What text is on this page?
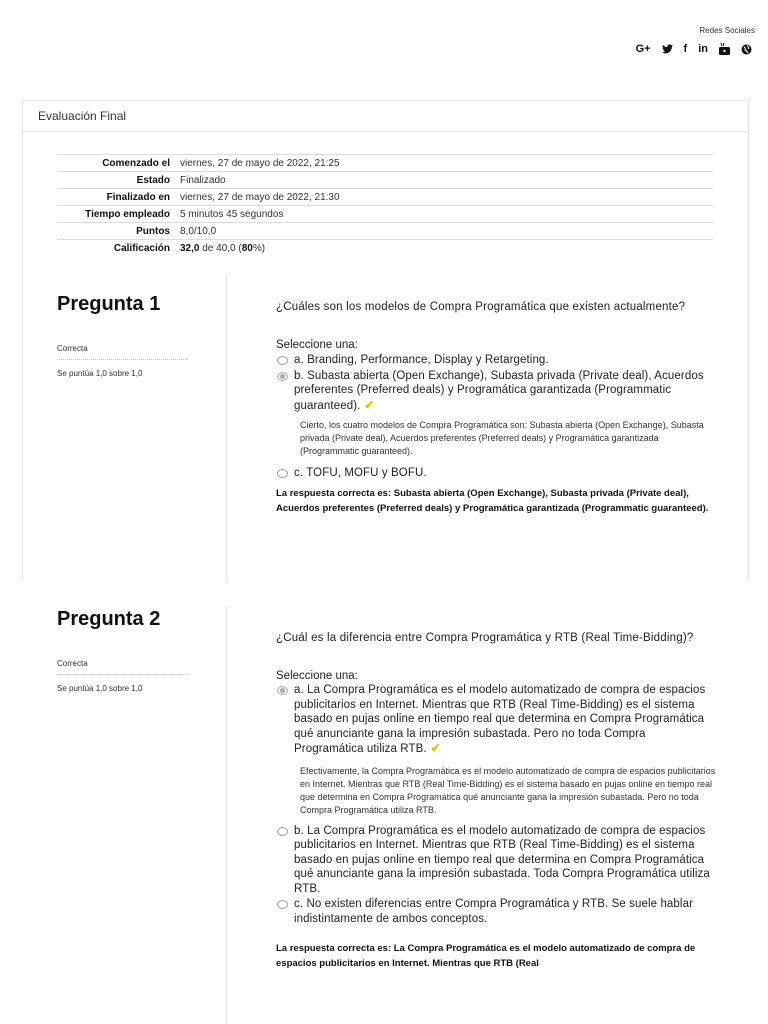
Redes Sociales
G+	f in
Evaluación Final
Comenzado el	viernes, 27 de mayo de 2022, 21:25
Estado	Finalizado
Finalizado en	viernes, 27 de mayo de 2022, 21:30
Tiempo empleado	5 minutos 45 segundos
Puntos	8,0/10,0
Calificación	32,0 de 40,0 (80%)
Pregunta 1
Correcta
Se puntúa 1,0 sobre 1,0
¿Cuáles son los modelos de Compra Programática que existen actualmente?
Seleccione una:
a. Branding, Performance, Display y Retargeting.
b. Subasta abierta (Open Exchange), Subasta privada (Private deal), Acuerdos preferentes (Preferred deals) y Programática garantizada (Programmatic guaranteed). ✔
Cierto, los cuatro modelos de Compra Programática son: Subasta abierta (Open Exchange), Subasta privada (Private deal), Acuerdos preferentes (Preferred deals) y Programática garantizada (Programmatic guaranteed).
c. TOFU, MOFU y BOFU.
La respuesta correcta es: Subasta abierta (Open Exchange), Subasta privada (Private deal), Acuerdos preferentes (Preferred deals) y Programática garantizada (Programmatic guaranteed).
Pregunta 2
Correcta
Se puntúa 1,0 sobre 1,0
¿Cuál es la diferencia entre Compra Programática y RTB (Real Time-Bidding)?
Seleccione una:
a. La Compra Programática es el modelo automatizado de compra de espacios publicitarios en Internet. Mientras que RTB (Real Time-Bidding) es el sistema basado en pujas online en tiempo real que determina en Compra Programática qué anunciante gana la impresión subastada. Pero no toda Compra Programática utiliza RTB. ✔
Efectivamente, la Compra Programática es el modelo automatizado de compra de espacios publicitarios en Internet. Mientras que RTB (Real Time-Bidding) es el sistema basado en pujas online en tiempo real que determina en Compra Programática qué anunciante gana la impresión subastada. Pero no toda Compra Programática utiliza RTB.
b. La Compra Programática es el modelo automatizado de compra de espacios publicitarios en Internet. Mientras que RTB (Real Time-Bidding) es el sistema basado en pujas online en tiempo real que determina en Compra Programática qué anunciante gana la impresión subastada. Toda Compra Programática utiliza RTB.
c. No existen diferencias entre Compra Programática y RTB. Se suele hablar indistintamente de ambos conceptos.
La respuesta correcta es: La Compra Programática es el modelo automatizado de compra de espacios publicitarios en Internet. Mientras que RTB (Real
